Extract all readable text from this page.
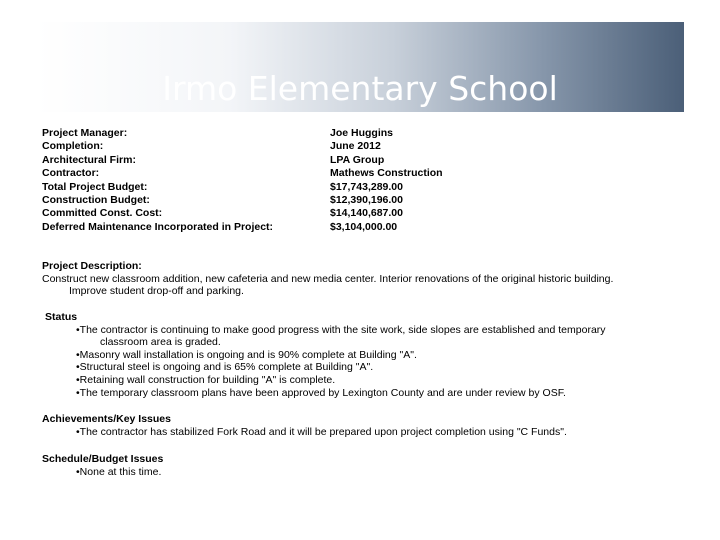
Irmo Elementary School
Project Manager:
Completion:
Architectural Firm:
Contractor:
Total Project Budget:
Construction Budget:
Committed Const. Cost:
Deferred Maintenance Incorporated in Project:
Joe Huggins
June 2012
LPA Group
Mathews Construction
$17,743,289.00
$12,390,196.00
$14,140,687.00
$3,104,000.00
Project Description:
Construct new classroom addition, new cafeteria and new media center. Interior renovations of the original historic building.
Improve student drop-off and parking.
Status
•The contractor is continuing to make good progress with the site work, side slopes are established and temporary
classroom area is graded.
•Masonry wall installation is ongoing and is 90% complete at Building "A".
•Structural steel is ongoing and is 65% complete at Building "A".
•Retaining wall construction for building "A" is complete.
•The temporary classroom plans have been approved by Lexington County and are under review by OSF.
Achievements/Key Issues
•The contractor has stabilized Fork Road and it will be prepared upon project completion using "C Funds".
Schedule/Budget Issues
•None at this time.
